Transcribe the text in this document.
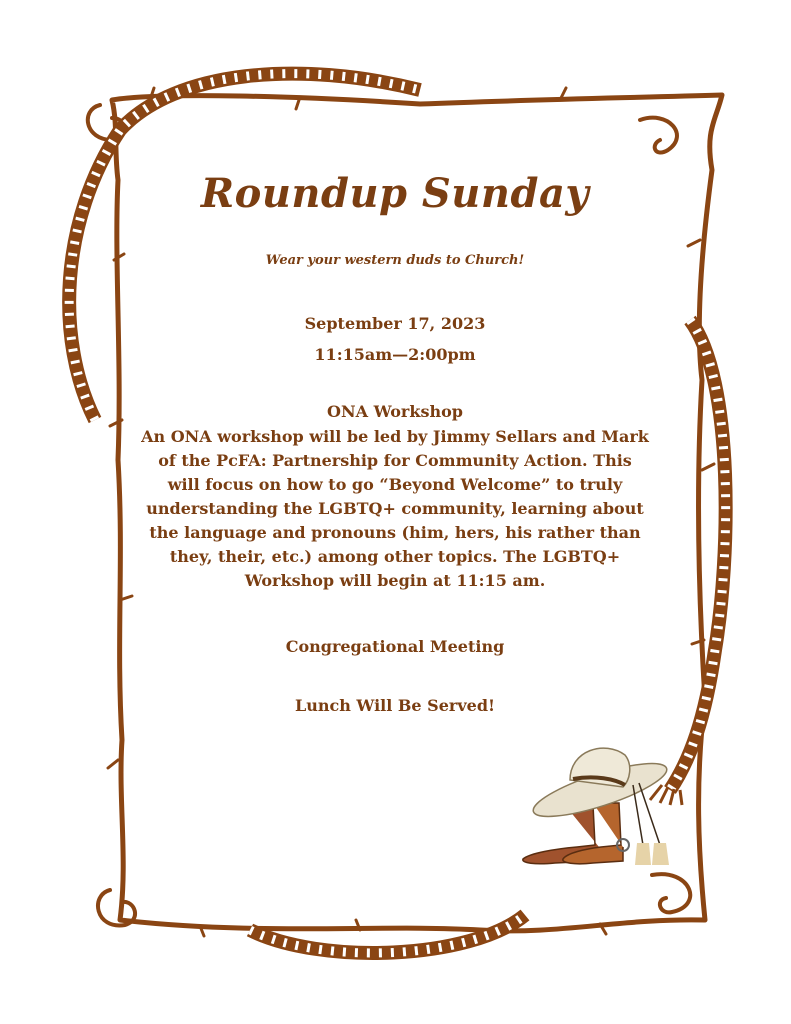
Roundup Sunday
Wear your western duds to Church!
September 17, 2023
11:15am—2:00pm
ONA Workshop
An ONA workshop will be led by Jimmy Sellars and Mark of the PcFA: Partnership for Community Action. This will focus on how to go “Beyond Welcome” to truly understanding the LGBTQ+ community, learning about the language and pronouns (him, hers, his rather than they, their, etc.) among other topics. The LGBTQ+ Workshop will begin at 11:15 am.
Congregational Meeting
Lunch Will Be Served!
